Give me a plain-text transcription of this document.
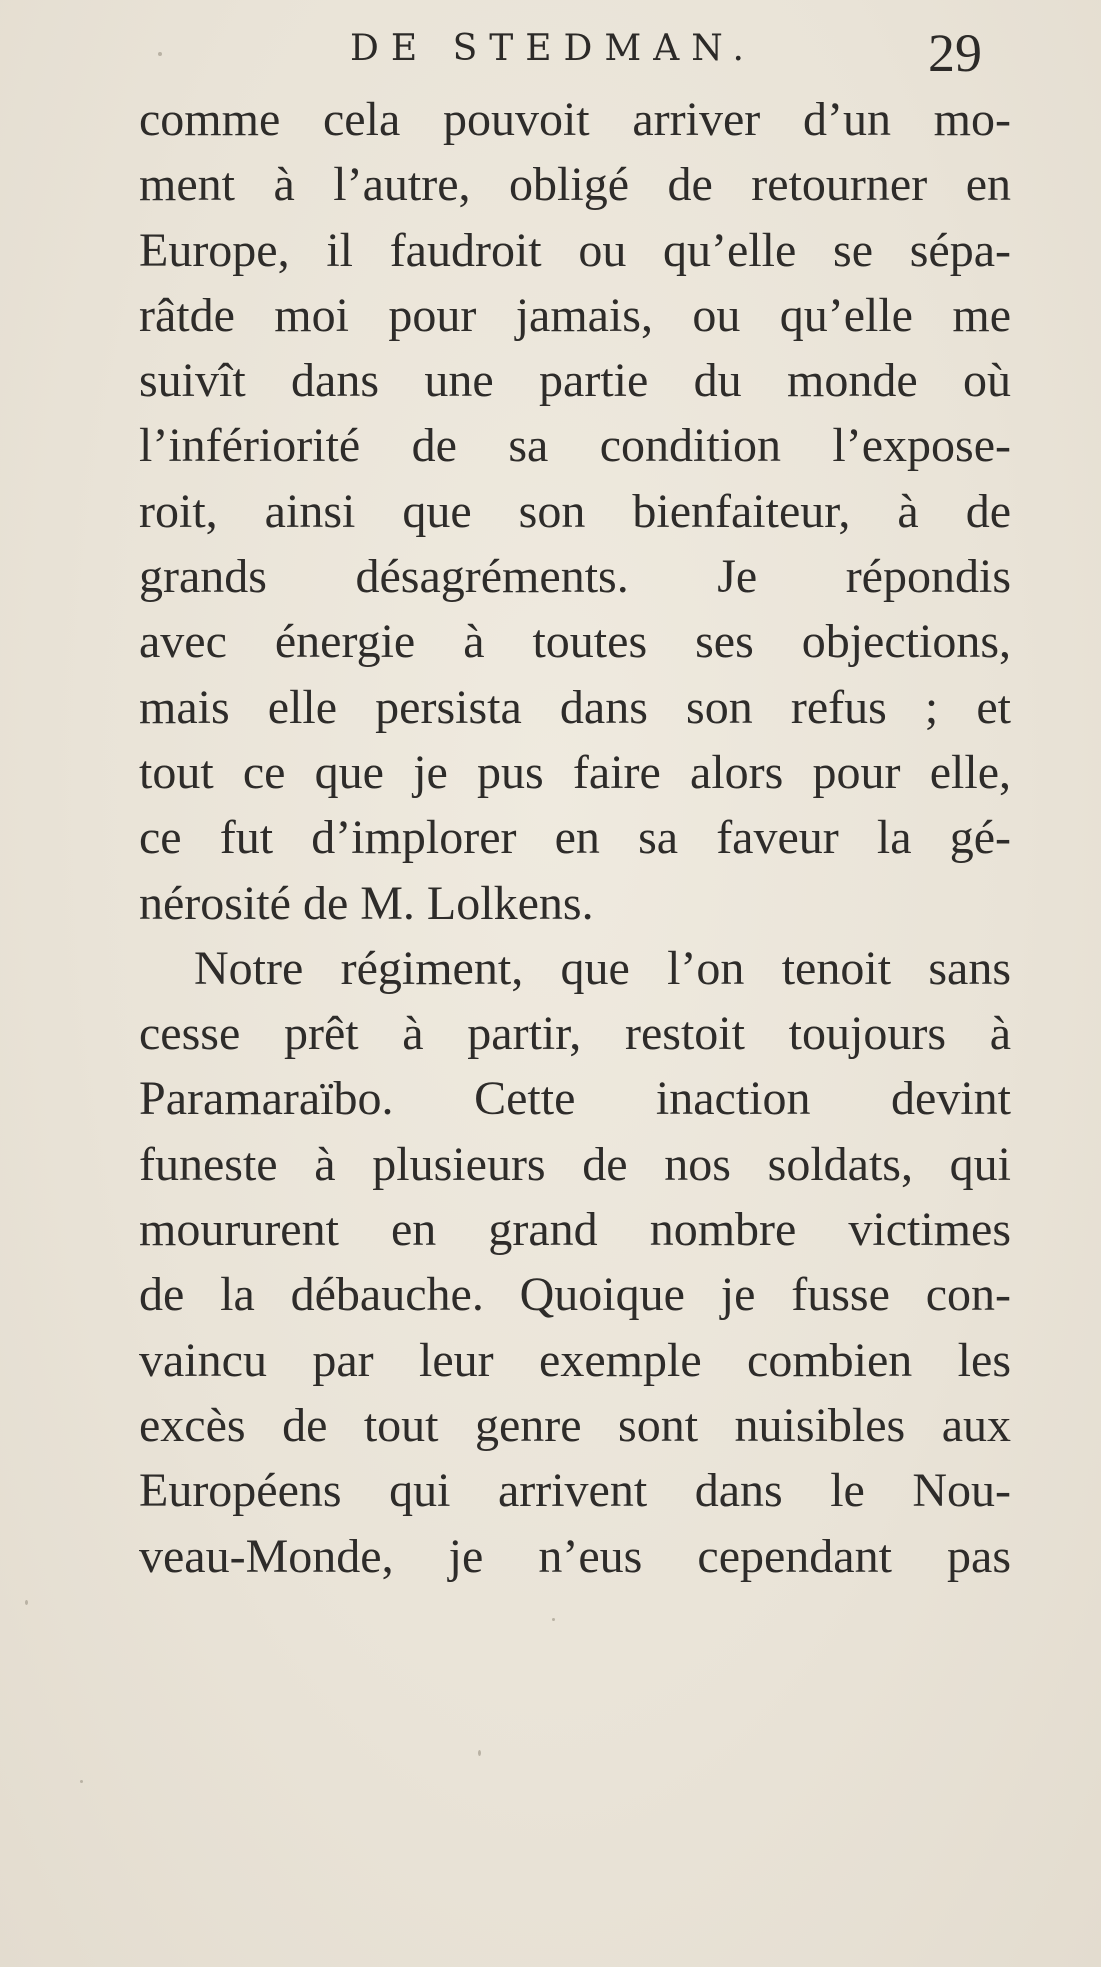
DE STEDMAN.	29
comme cela pouvoit arriver d’un mo-
ment à l’autre, obligé de retourner en
Europe, il faudroit ou qu’elle se sépa-
râtde moi pour jamais, ou qu’elle me
suivît dans une partie du monde où
l’infériorité de sa condition l’expose-
roit, ainsi que son bienfaiteur, à de
grands désagréments. Je répondis
avec énergie à toutes ses objections,
mais elle persista dans son refus ; et
tout ce que je pus faire alors pour elle,
ce fut d’implorer en sa faveur la gé-
nérosité de M. Lolkens.
Notre régiment, que l’on tenoit sans
cesse prêt à partir, restoit toujours à
Paramaraïbo. Cette inaction devint
funeste à plusieurs de nos soldats, qui
moururent en grand nombre victimes
de la débauche. Quoique je fusse con-
vaincu par leur exemple combien les
excès de tout genre sont nuisibles aux
Européens qui arrivent dans le Nou-
veau-Monde, je n’eus cependant pas
